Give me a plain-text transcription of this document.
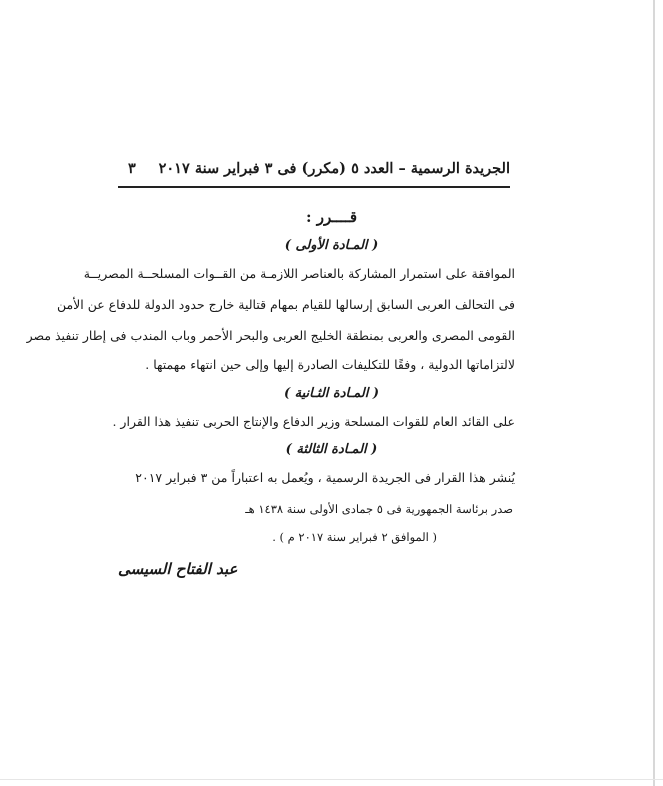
الجريدة الرسمية – العدد ٥ (مكرر) فى ٣ فبراير سنة ٢٠١٧
٣
قــــرر :
( المـادة الأولى )
الموافقة على استمرار المشاركة بالعناصر اللازمـة من القــوات المسلحــة المصريــة
فى التحالف العربى السابق إرسالها للقيام بمهام قتالية خارج حدود الدولة للدفاع عن الأمن
القومى المصرى والعربى بمنطقة الخليج العربى والبحر الأحمر وباب المندب فى إطار تنفيذ مصر
لالتزاماتها الدولية ، وفقًا للتكليفات الصادرة إليها وإلى حين انتهاء مهمتها .
( المـادة الثـانية )
على القائد العام للقوات المسلحة وزير الدفاع والإنتاج الحربى تنفيذ هذا القرار .
( المـادة الثالثة )
يُنشر هذا القرار فى الجريدة الرسمية ، ويُعمل به اعتباراً من ٣ فبراير ٢٠١٧
صدر برئاسة الجمهورية فى ٥ جمادى الأولى سنة ١٤٣٨ هـ
( الموافق ٢ فبراير سنة ٢٠١٧ م ) .
عبد الفتاح السيسى
